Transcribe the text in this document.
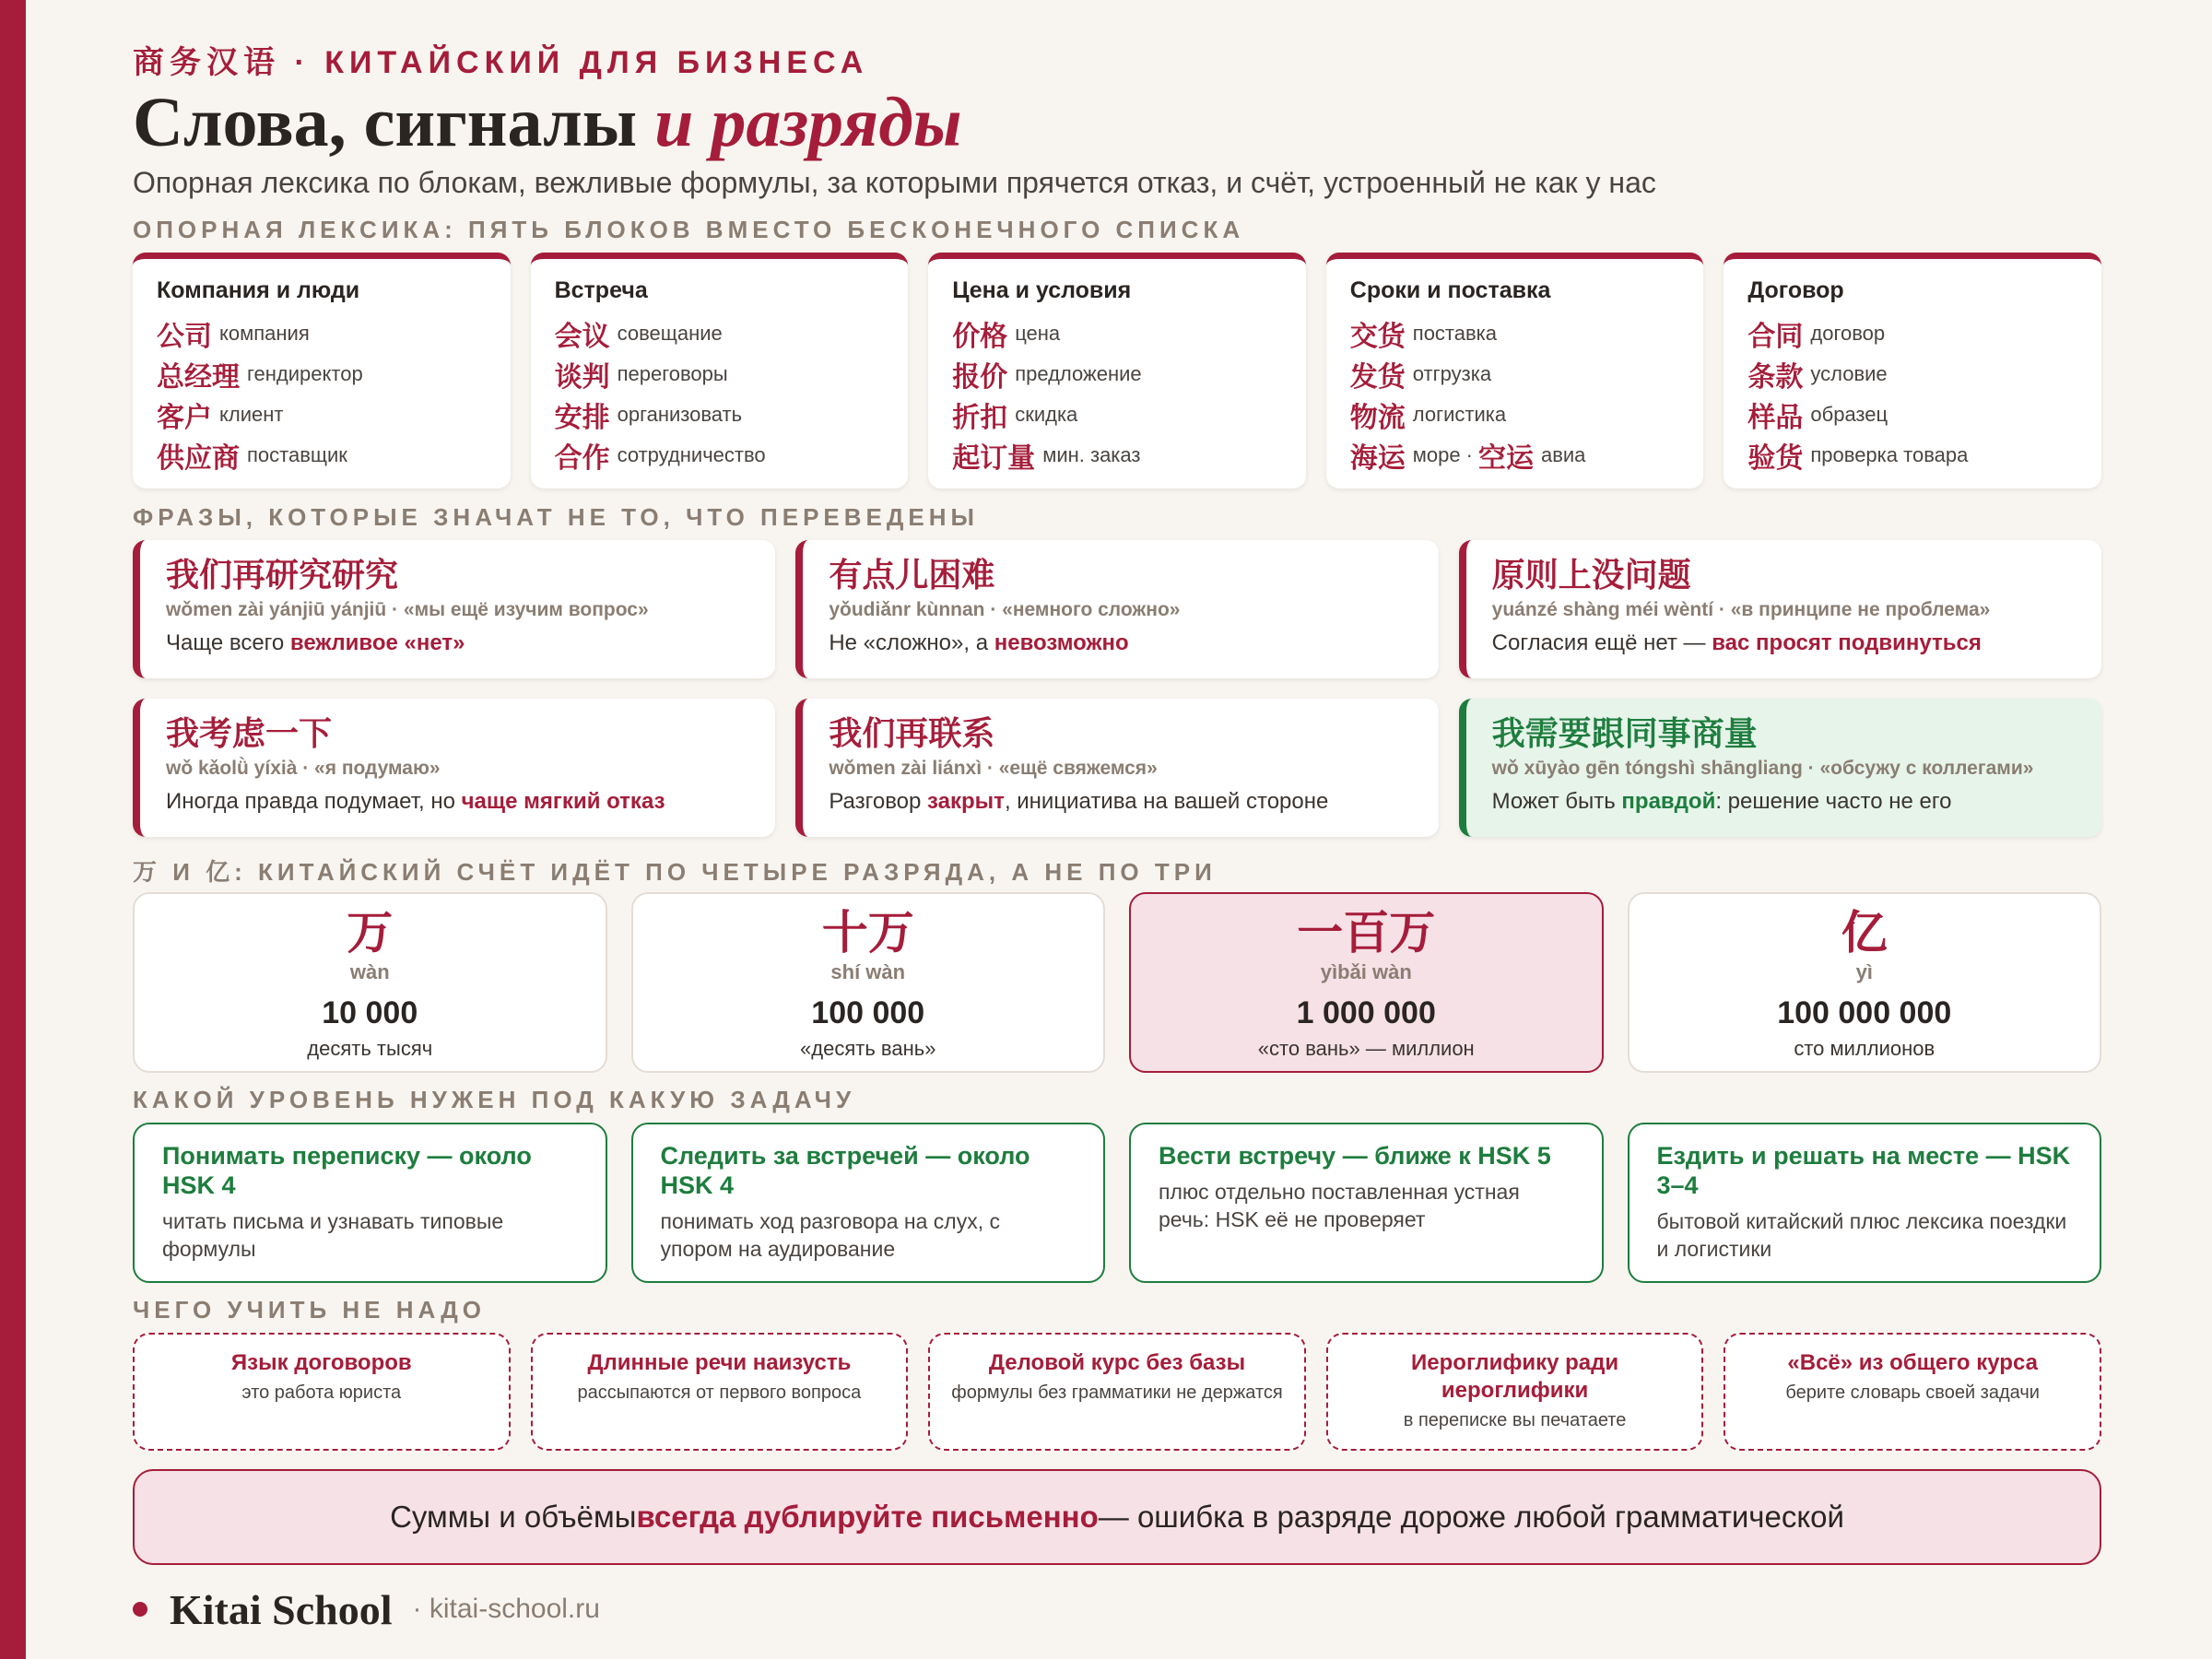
商务汉语 · КИТАЙСКИЙ ДЛЯ БИЗНЕСА
Слова, сигналы и разряды
Опорная лексика по блокам, вежливые формулы, за которыми прячется отказ, и счёт, устроенный не как у нас
ОПОРНАЯ ЛЕКСИКА: ПЯТЬ БЛОКОВ ВМЕСТО БЕСКОНЕЧНОГО СПИСКА
Компания и люди
公司 компания
总经理 гендиректор
客户 клиент
供应商 поставщик
Встреча
会议 совещание
谈判 переговоры
安排 организовать
合作 сотрудничество
Цена и условия
价格 цена
报价 предложение
折扣 скидка
起订量 мин. заказ
Сроки и поставка
交货 поставка
发货 отгрузка
物流 логистика
海运 море · 空运 авиа
Договор
合同 договор
条款 условие
样品 образец
验货 проверка товара
ФРАЗЫ, КОТОРЫЕ ЗНАЧАТ НЕ ТО, ЧТО ПЕРЕВЕДЕНЫ
我们再研究研究
wǒmen zài yánjiū yánjiū · «мы ещё изучим вопрос»
Чаще всего вежливое «нет»
有点儿困难
yǒudiǎnr kùnnan · «немного сложно»
Не «сложно», а невозможно
原则上没问题
yuánzé shàng méi wèntí · «в принципе не проблема»
Согласия ещё нет — вас просят подвинуться
我考虑一下
wǒ kǎolǜ yíxià · «я подумаю»
Иногда правда подумает, но чаще мягкий отказ
我们再联系
wǒmen zài liánxì · «ещё свяжемся»
Разговор закрыт, инициатива на вашей стороне
我需要跟同事商量
wǒ xūyào gēn tóngshì shāngliang · «обсужу с коллегами»
Может быть правдой: решение часто не его
万 И 亿: КИТАЙСКИЙ СЧЁТ ИДЁТ ПО ЧЕТЫРЕ РАЗРЯДА, А НЕ ПО ТРИ
万
wàn
10 000
десять тысяч
十万
shí wàn
100 000
«десять вань»
一百万
yìbǎi wàn
1 000 000
«сто вань» — миллион
亿
yì
100 000 000
сто миллионов
КАКОЙ УРОВЕНЬ НУЖЕН ПОД КАКУЮ ЗАДАЧУ
Понимать переписку — около HSK 4

читать письма и узнавать типовые формулы

Следить за встречей — около HSK 4

понимать ход разговора на слух, с упором на аудирование

Вести встречу — ближе к HSK 5

плюс отдельно поставленная устная речь: HSK её не проверяет

Ездить и решать на месте — HSK 3–4

бытовой китайский плюс лексика поездки и логистики

ЧЕГО УЧИТЬ НЕ НАДО
Язык договоров

это работа юриста

Длинные речи наизусть

рассыпаются от первого вопроса

Деловой курс без базы

формулы без грамматики не держатся

Иероглифику ради иероглифики

в переписке вы печатаете

«Всё» из общего курса

берите словарь своей задачи

Суммы и объёмы всегда дублируйте письменно — ошибка в разряде дороже любой грамматической
Kitai School · kitai-school.ru
